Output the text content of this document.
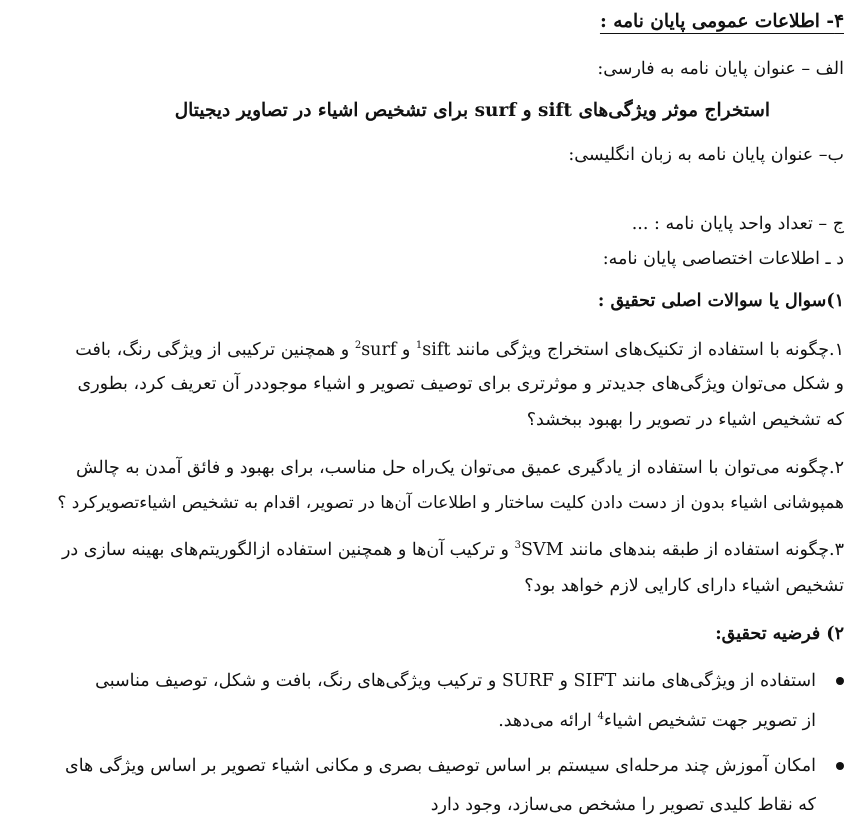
۴- اطلاعات عمومی پایان نامه :
الف – عنوان پایان نامه به فارسی:
استخراج موثر ویژگی‌های sift و surf برای تشخیص اشیاء در تصاویر دیجیتال
ب– عنوان پایان نامه به زبان انگلیسی:
ج – تعداد واحد پایان نامه : ...
د ـ اطلاعات اختصاصی پایان نامه:
۱)سوال یا سوالات اصلی تحقیق :
۱.چگونه با استفاده از تکنیک‌های استخراج ویژگی مانند sift$^1$ و surf$^2$ و همچنین ترکیبی از ویژگی رنگ، بافت
و شکل می‌توان ویژگی‌های جدیدتر و موثرتری برای توصیف تصویر و اشیاء موجوددر آن تعریف کرد، بطوری
که تشخیص اشیاء در تصویر را بهبود ببخشد؟
۲.چگونه می‌توان با استفاده از یادگیری عمیق می‌توان یک‌راه حل مناسب، برای بهبود و فائق آمدن به چالش
همپوشانی اشیاء بدون از دست دادن کلیت ساختار و اطلاعات آن‌ها در تصویر، اقدام به تشخیص اشیاءتصویرکرد ؟
۳.چگونه استفاده از طبقه بندهای مانند SVM$^3$ و ترکیب آن‌ها و همچنین استفاده ازالگوریتم‌های بهینه سازی در
تشخیص اشیاء دارای کارایی لازم خواهد بود؟
۲) فرضیه تحقیق:
استفاده از ویژگی‌های مانند SIFT و SURF و ترکیب ویژگی‌های رنگ، بافت و شکل، توصیف مناسبی
از تصویر جهت تشخیص اشیاء$^4$ ارائه می‌دهد.
امکان آموزش چند مرحله‌ای سیستم بر اساس توصیف بصری و مکانی اشیاء تصویر بر اساس ویژگی های
که نقاط کلیدی تصویر را مشخص می‌سازد، وجود دارد
